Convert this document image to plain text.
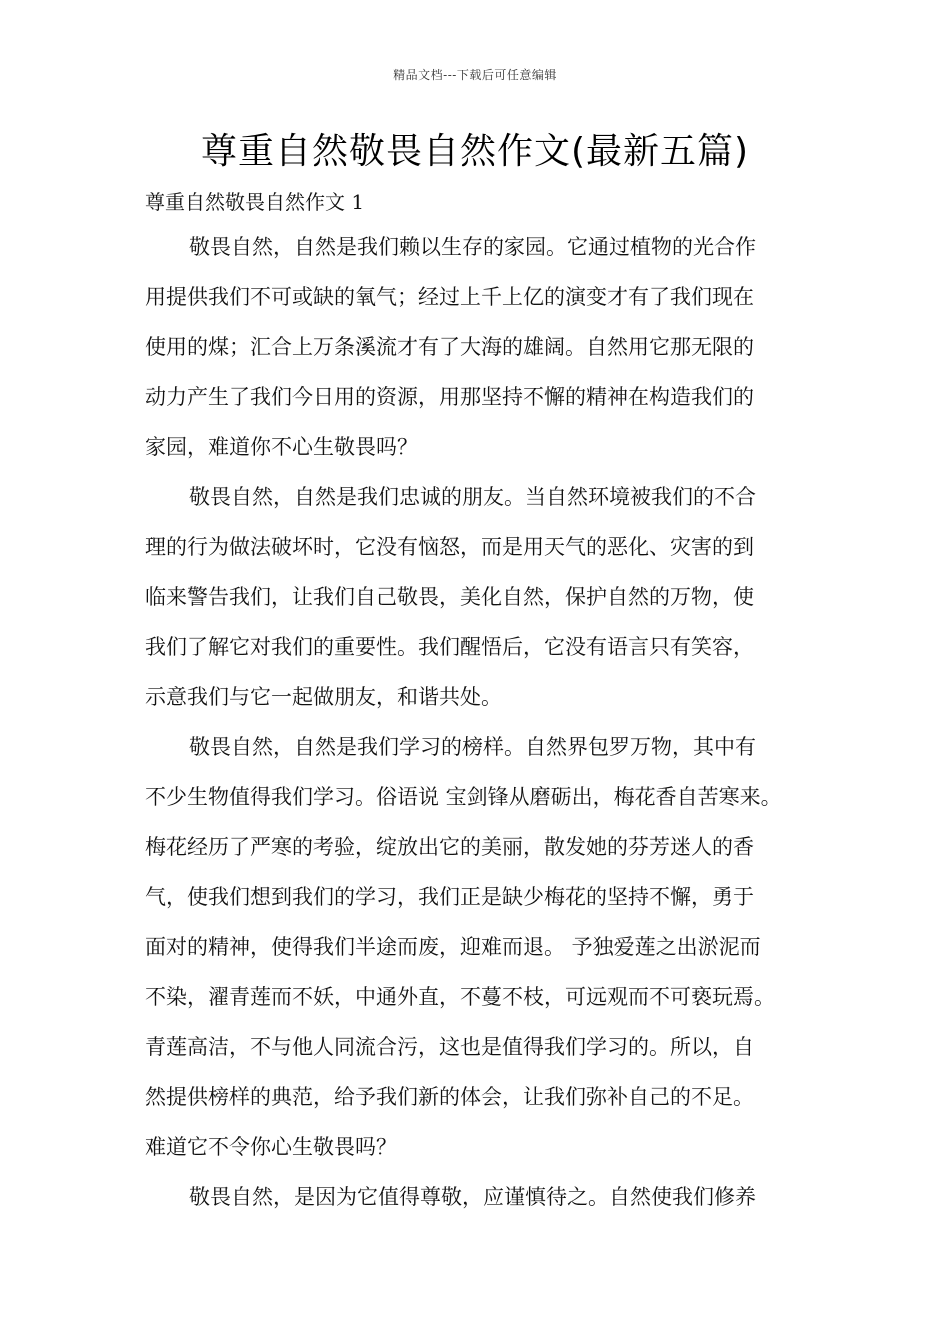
精品文档---下载后可任意编辑
尊重自然敬畏自然作文(最新五篇)
尊重自然敬畏自然作文 1
敬畏自然，自然是我们赖以生存的家园。它通过植物的光合作
用提供我们不可或缺的氧气；经过上千上亿的演变才有了我们现在
使用的煤；汇合上万条溪流才有了大海的雄阔。自然用它那无限的
动力产生了我们今日用的资源，用那坚持不懈的精神在构造我们的
家园，难道你不心生敬畏吗？
敬畏自然，自然是我们忠诚的朋友。当自然环境被我们的不合
理的行为做法破坏时，它没有恼怒，而是用天气的恶化、灾害的到
临来警告我们，让我们自己敬畏，美化自然，保护自然的万物，使
我们了解它对我们的重要性。我们醒悟后，它没有语言只有笑容，
示意我们与它一起做朋友，和谐共处。
敬畏自然，自然是我们学习的榜样。自然界包罗万物，其中有
不少生物值得我们学习。俗语说 宝剑锋从磨砺出，梅花香自苦寒来。
梅花经历了严寒的考验，绽放出它的美丽，散发她的芬芳迷人的香
气，使我们想到我们的学习，我们正是缺少梅花的坚持不懈，勇于
面对的精神，使得我们半途而废，迎难而退。 予独爱莲之出淤泥而
不染，濯青莲而不妖，中通外直，不蔓不枝，可远观而不可亵玩焉。
青莲高洁，不与他人同流合污，这也是值得我们学习的。所以，自
然提供榜样的典范，给予我们新的体会，让我们弥补自己的不足。
难道它不令你心生敬畏吗？
敬畏自然，是因为它值得尊敬，应谨慎待之。自然使我们修养
